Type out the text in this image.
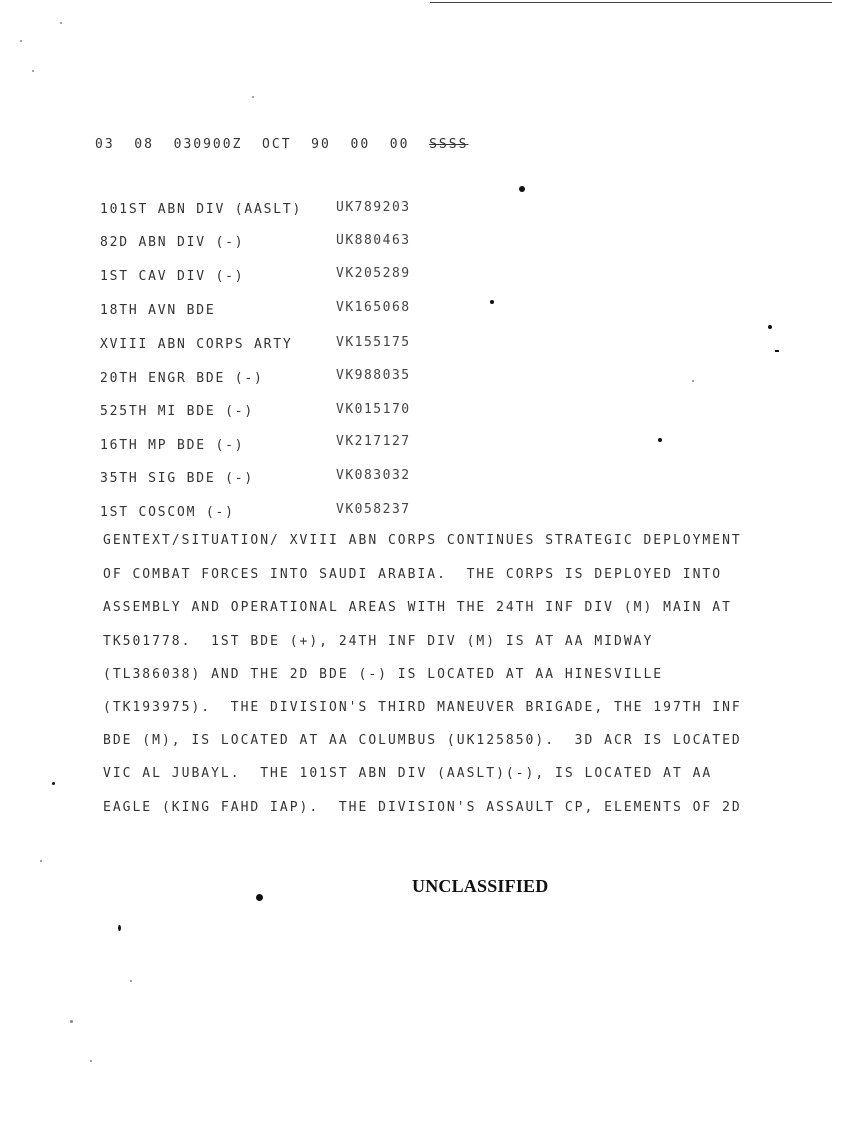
03  08  030900Z  OCT  90  00  00 SSSS
101ST ABN DIV (AASLT)	UK789203
82D ABN DIV (-)	UK880463
1ST CAV DIV (-)	VK205289
18TH AVN BDE	VK165068
XVIII ABN CORPS ARTY	VK155175
20TH ENGR BDE (-)	VK988035
525TH MI BDE (-)	VK015170
16TH MP BDE (-)	VK217127
35TH SIG BDE (-)	VK083032
1ST COSCOM (-)	VK058237
GENTEXT/SITUATION/ XVIII ABN CORPS CONTINUES STRATEGIC DEPLOYMENT
OF COMBAT FORCES INTO SAUDI ARABIA.  THE CORPS IS DEPLOYED INTO
ASSEMBLY AND OPERATIONAL AREAS WITH THE 24TH INF DIV (M) MAIN AT
TK501778.  1ST BDE (+), 24TH INF DIV (M) IS AT AA MIDWAY
(TL386038) AND THE 2D BDE (-) IS LOCATED AT AA HINESVILLE
(TK193975).  THE DIVISION'S THIRD MANEUVER BRIGADE, THE 197TH INF
BDE (M), IS LOCATED AT AA COLUMBUS (UK125850).  3D ACR IS LOCATED
VIC AL JUBAYL.  THE 101ST ABN DIV (AASLT)(-), IS LOCATED AT AA
EAGLE (KING FAHD IAP).  THE DIVISION'S ASSAULT CP, ELEMENTS OF 2D
UNCLASSIFIED
